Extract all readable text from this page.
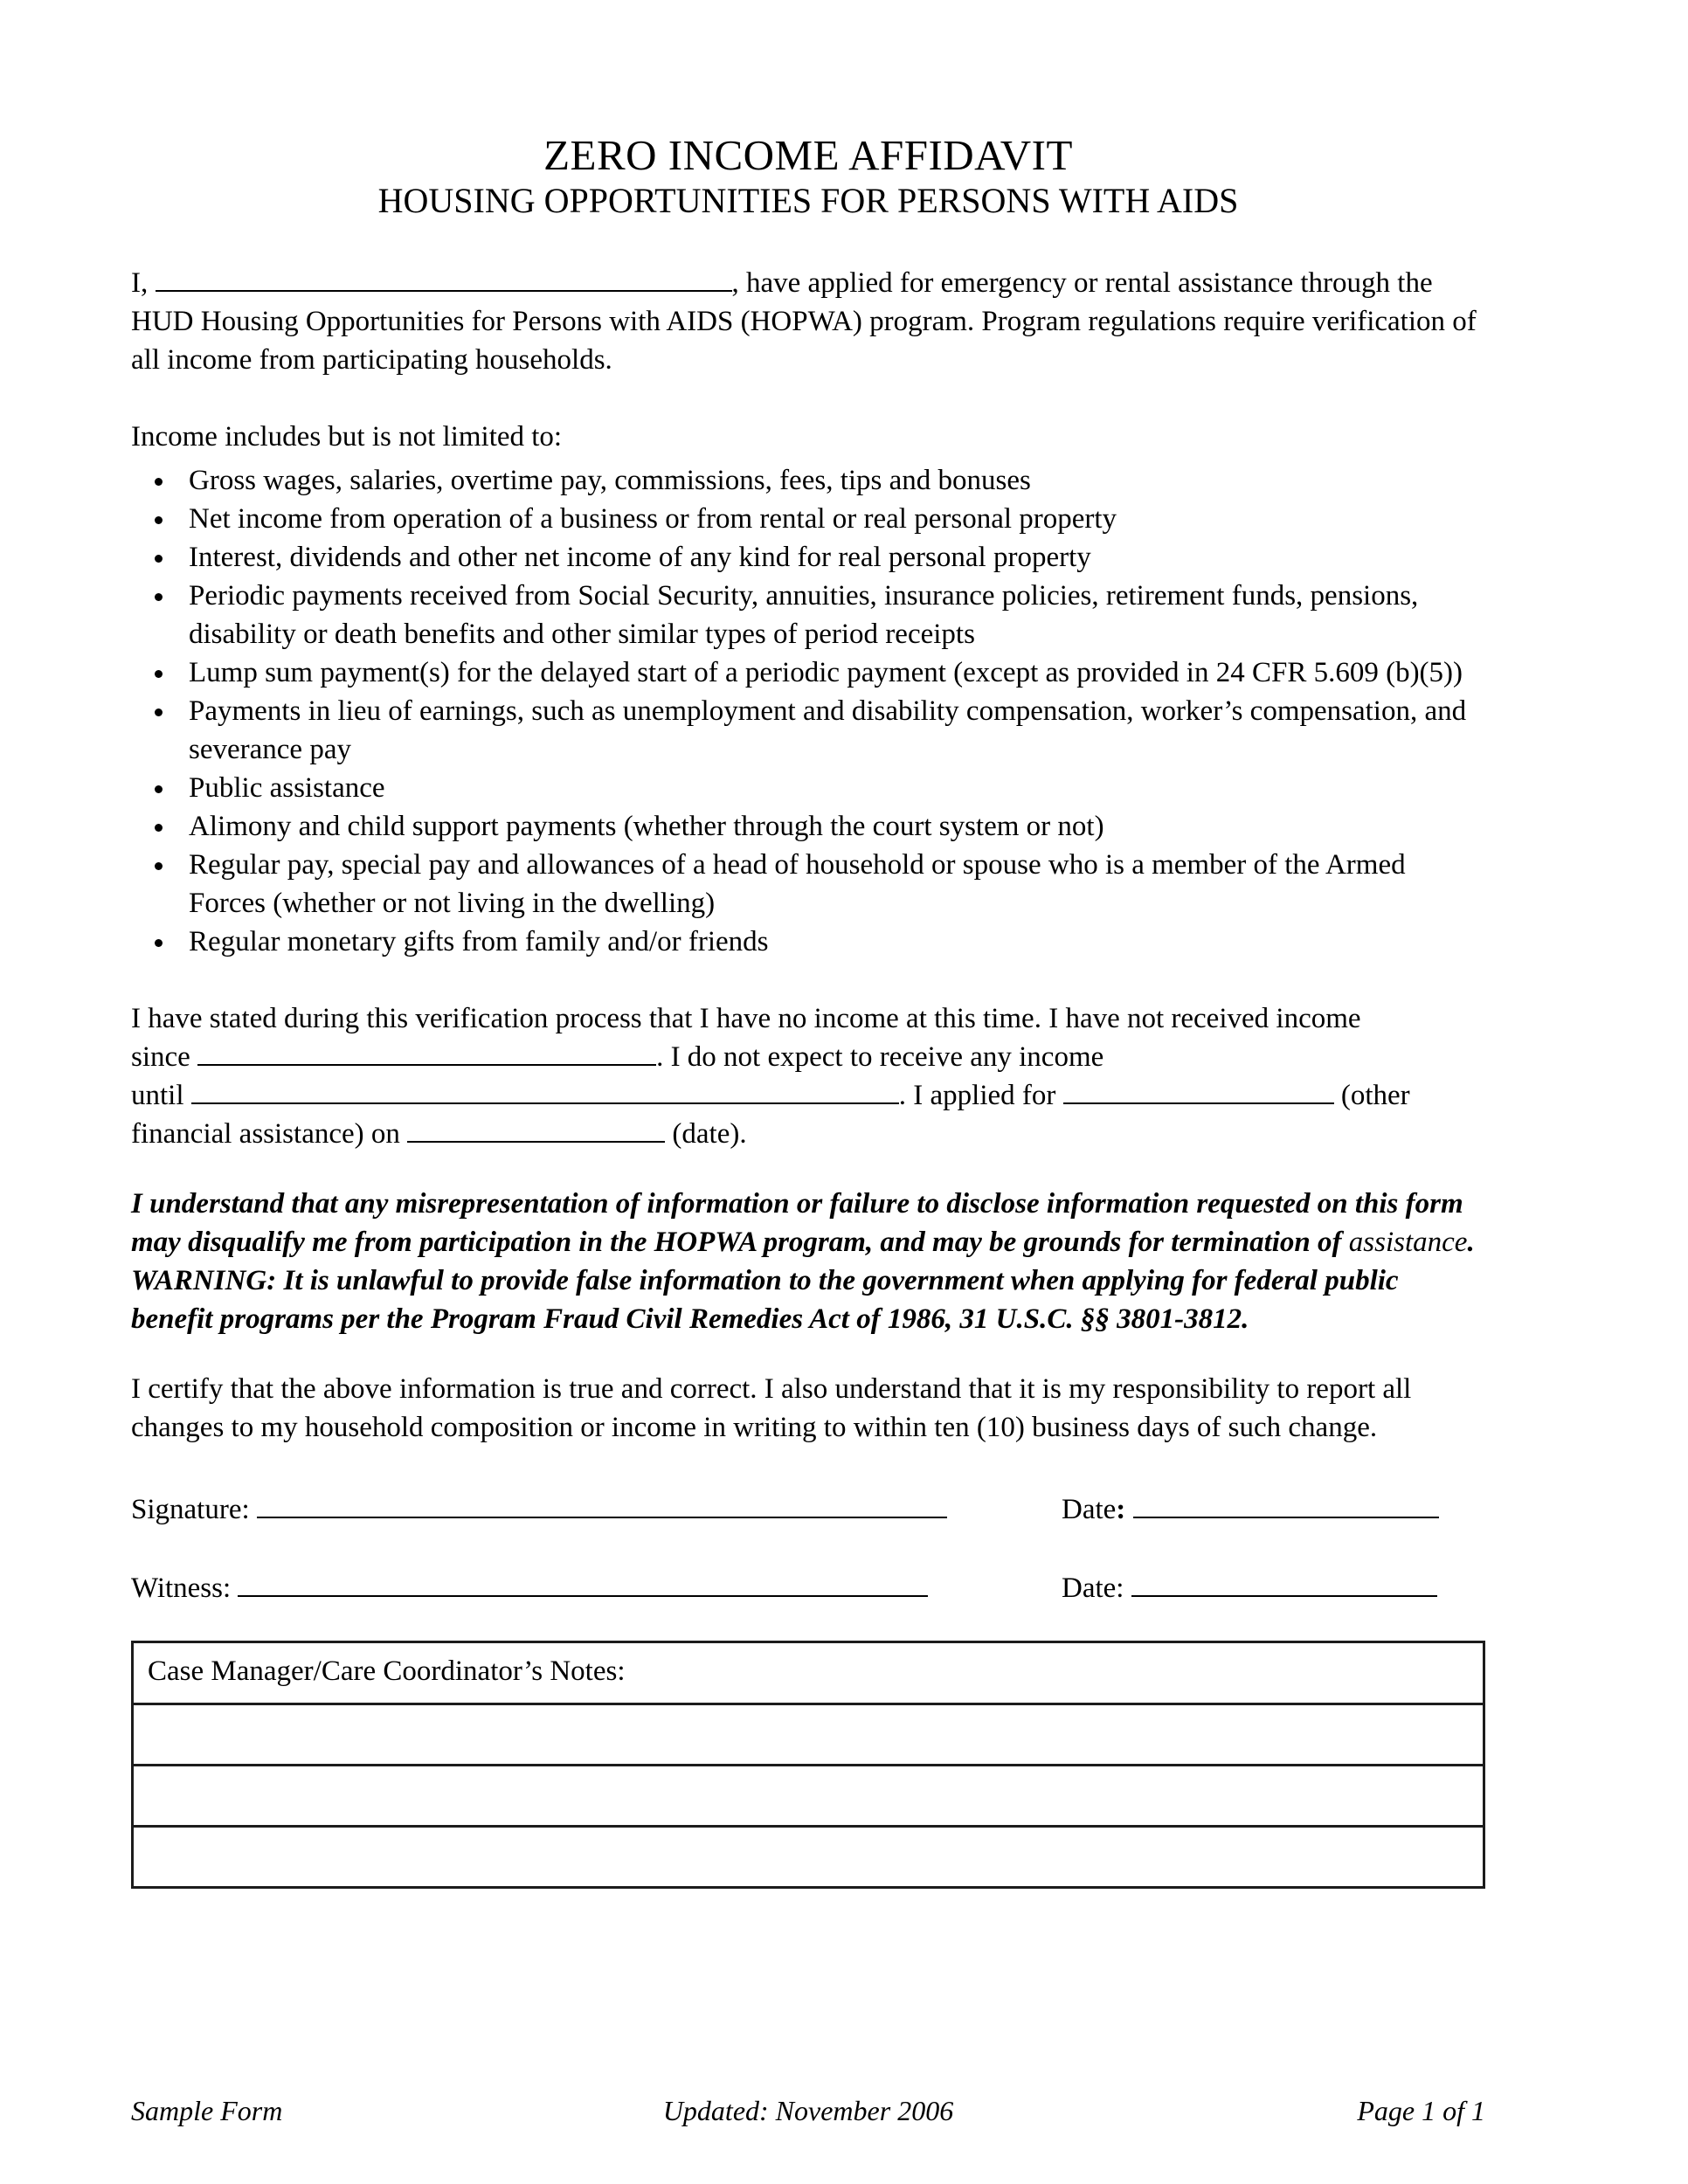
ZERO INCOME AFFIDAVIT
HOUSING OPPORTUNITIES FOR PERSONS WITH AIDS

I,	, have applied for emergency or rental assistance through the HUD Housing Opportunities for Persons with AIDS (HOPWA) program. Program regulations require verification of all income from participating households.

Income includes but is not limited to:

• Gross wages, salaries, overtime pay, commissions, fees, tips and bonuses
• Net income from operation of a business or from rental or real personal property
• Interest, dividends and other net income of any kind for real personal property
• Periodic payments received from Social Security, annuities, insurance policies, retirement funds, pensions, disability or death benefits and other similar types of period receipts
• Lump sum payment(s) for the delayed start of a periodic payment (except as provided in 24 CFR 5.609 (b)(5))
• Payments in lieu of earnings, such as unemployment and disability compensation, worker’s compensation, and severance pay
• Public assistance
• Alimony and child support payments (whether through the court system or not)
• Regular pay, special pay and allowances of a head of household or spouse who is a member of the Armed Forces (whether or not living in the dwelling)
• Regular monetary gifts from family and/or friends
I have stated during this verification process that I have no income at this time. I have not received income
since	. I do not expect to receive any income
until	. I applied for	(other
financial assistance) on	(date).

I understand that any misrepresentation of information or failure to disclose information requested on this form may disqualify me from participation in the HOPWA program, and may be grounds for termination of assistance. WARNING: It is unlawful to provide false information to the government when applying for federal public benefit programs per the Program Fraud Civil Remedies Act of 1986, 31 U.S.C. §§ 3801-3812.

I certify that the above information is true and correct. I also understand that it is my responsibility to report all changes to my household composition or income in writing to within ten (10) business days of such change.

Signature:	Date:
Witness:	Date:
Case Manager/Care Coordinator’s Notes:
Sample Form	Updated: November 2006	Page 1 of 1
